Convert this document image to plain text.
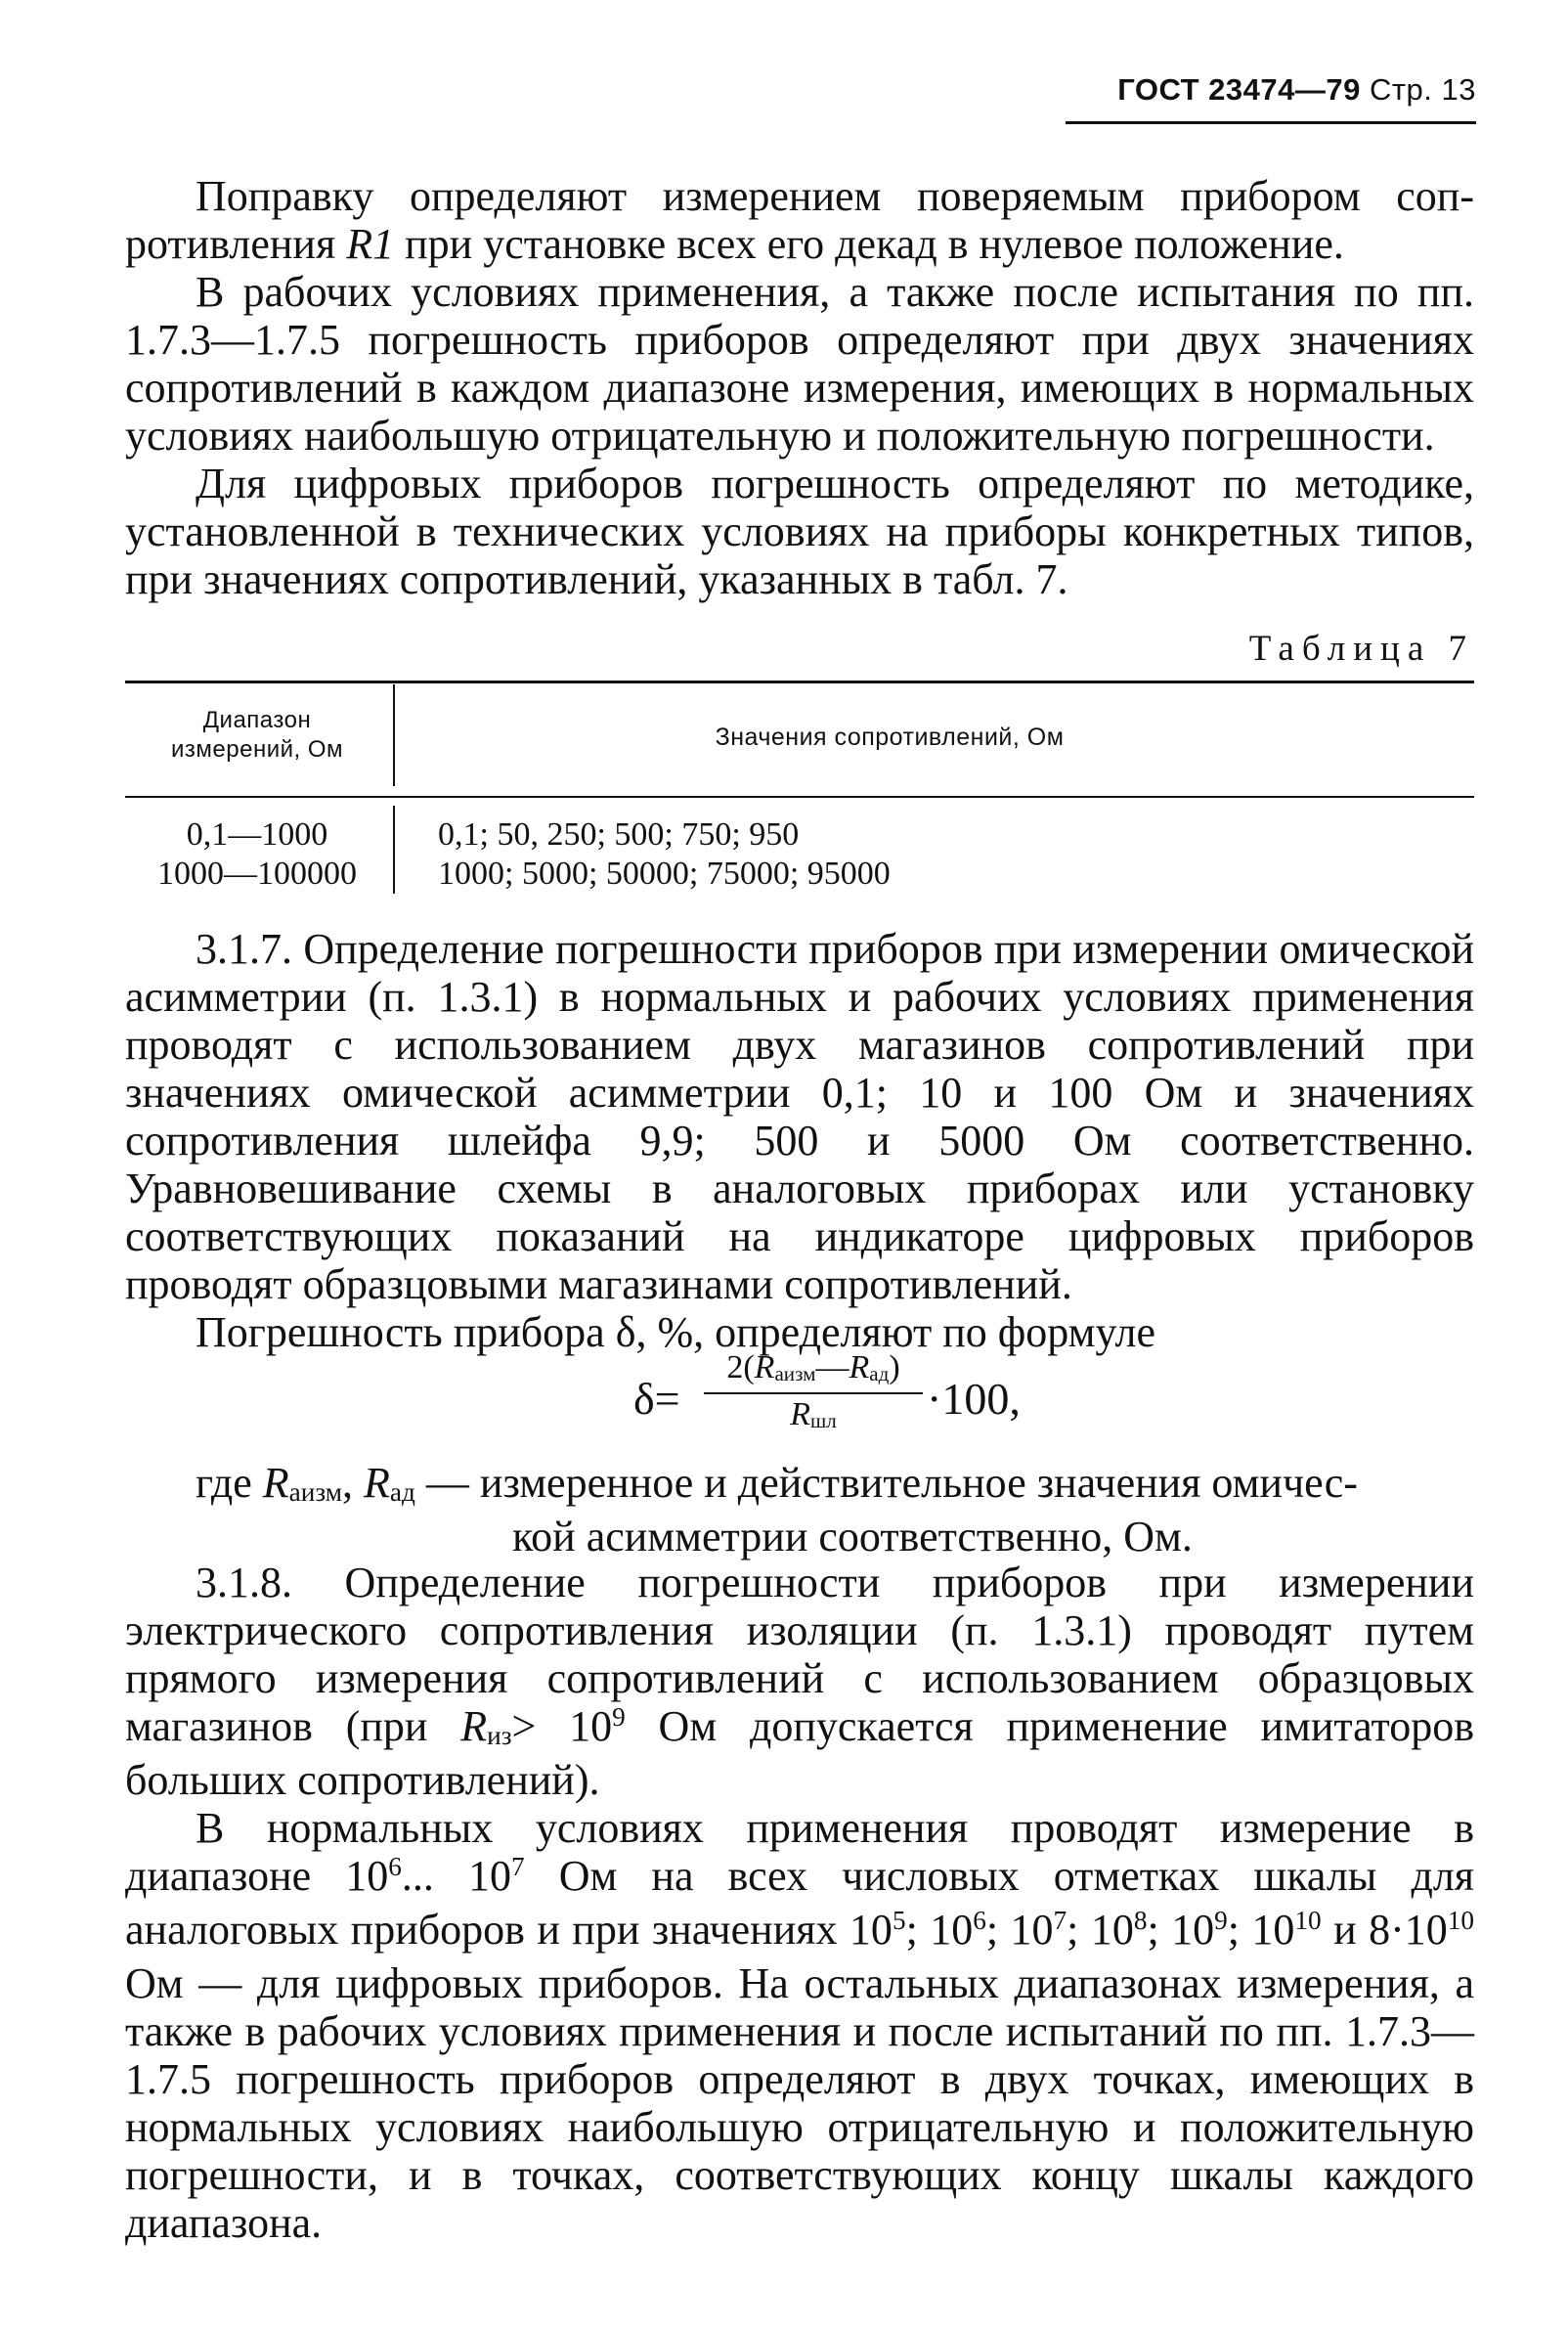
ГОСТ 23474—79 Стр. 13

Поправку определяют измерением поверяемым прибором соп- ротивления R1 при установке всех его декад в нулевое положение.

В рабочих условиях применения, а также после испытания по пп. 1.7.3—1.7.5 погрешность приборов определяют при двух значениях сопротивлений в каждом диапазоне измерения, имеющих в нормальных условиях наибольшую отрицательную и положительную погрешности.

Для цифровых приборов погрешность определяют по методике, установленной в технических условиях на приборы конкретных типов, при значениях сопротивлений, указанных в табл. 7.

Таблица 7
Диапазон
измерений, Ом	Значения сопротивлений, Ом
0,1—1000	0,1; 50, 250; 500; 750; 950
1000—100000	1000; 5000; 50000; 75000; 95000

3.1.7. Определение погрешности приборов при измерении омической асимметрии (п. 1.3.1) в нормальных и рабочих условиях применения проводят с использованием двух магазинов сопротивлений при значениях омической асимметрии 0,1; 10 и 100 Ом и значениях сопротивления шлейфа 9,9; 500 и 5000 Ом соответственно. Уравновешивание схемы в аналоговых приборах или установку соответствующих показаний на индикаторе цифровых приборов проводят образцовыми магазинами сопротивлений.

Погрешность прибора δ, %, определяют по формуле

δ=
2(Rаизм—Rад)
Rшл	·100,
где Rаизм, Rад — измеренное и действительное значения омичес-
кой асимметрии соответственно, Ом.

3.1.8. Определение погрешности приборов при измерении электрического сопротивления изоляции (п. 1.3.1) проводят путем прямого измерения сопротивлений с использованием образцовых магазинов (при $Rиз> 10^9$ Ом допускается применение имитаторов больших сопротивлений).

В нормальных условиях применения проводят измерение в диапазоне $10^6$... $10^7$ Ом на всех числовых отметках шкалы для аналоговых приборов и при значениях $10^5$; $10^6$; $10^7$; $10^8$; $10^9$; $10^{10}$ и $8\cdot 10^{10}$ Ом — для цифровых приборов. На остальных диапазонах измерения, а также в рабочих условиях применения и после испытаний по пп. 1.7.3—1.7.5 погрешность приборов определяют в двух точках, имеющих в нормальных условиях наибольшую отрицательную и положительную погрешности, и в точках, соответствующих концу шкалы каждого диапазона.
